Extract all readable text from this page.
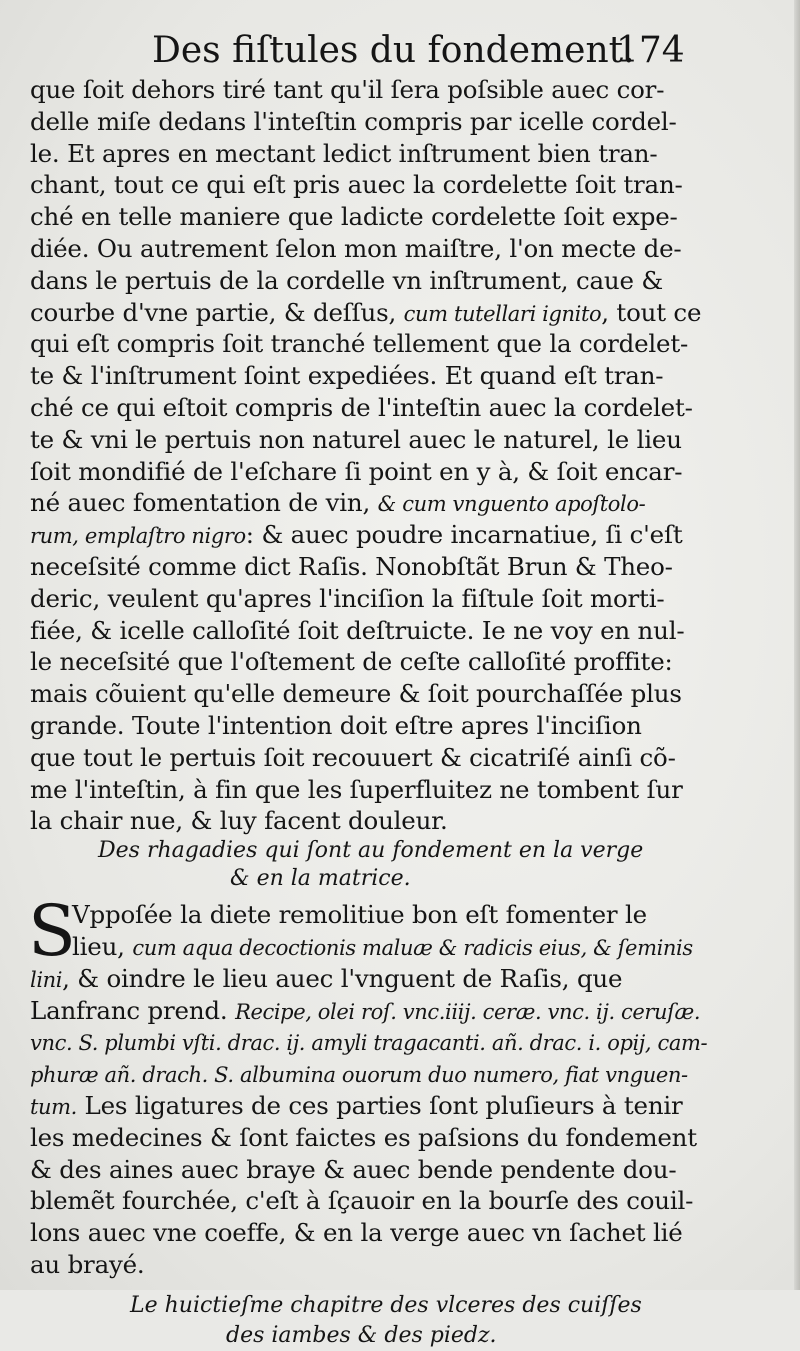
Des fiſtules du fondement.
174
que ſoit dehors tiré tant qu'il ſera poſsible auec cor-
delle miſe dedans l'inteſtin compris par icelle cordel-
le. Et apres en mectant ledict inſtrument bien tran-
chant, tout ce qui eſt pris auec la cordelette ſoit tran-
ché en telle maniere que ladicte cordelette ſoit expe-
diée. Ou autrement ſelon mon maiſtre, l'on mecte de-
dans le pertuis de la cordelle vn inſtrument, caue &
courbe d'vne partie, & deſſus, cum tutellari ignito, tout ce
qui eſt compris ſoit tranché tellement que la cordelet-
te & l'inſtrument ſoint expediées. Et quand eſt tran-
ché ce qui eſtoit compris de l'inteſtin auec la cordelet-
te & vni le pertuis non naturel auec le naturel, le lieu
ſoit mondifié de l'eſchare ſi point en y à, & ſoit encar-
né auec fomentation de vin, & cum vnguento apoſtolo-
rum, emplaſtro nigro: & auec poudre incarnatiue, ſi c'eſt
neceſsité comme dict Raſis. Nonobſtãt Brun & Theo-
deric, veulent qu'apres l'inciſion la fiſtule ſoit morti-
fiée, & icelle calloſité ſoit deſtruicte. Ie ne voy en nul-
le neceſsité que l'oſtement de ceſte calloſité proffite:
mais cõuient qu'elle demeure & ſoit pourchaſſée plus
grande. Toute l'intention doit eſtre apres l'inciſion
que tout le pertuis ſoit recouuert & cicatriſé ainſi cõ-
me l'inteſtin, à fin que les ſuperfluitez ne tombent ſur
la chair nue, & luy facent douleur.
Des rhagadies qui ſont au fondement en la verge
& en la matrice.
S
Vppoſée la diete remolitiue bon eſt fomenter le
lieu, cum aqua decoctionis maluæ & radicis eius, & ſeminis
lini, & oindre le lieu auec l'vnguent de Raſis, que
Lanfranc prend. Recipe, olei roſ. vnc.iiij. ceræ. vnc. ij. ceruſæ.
vnc. S. plumbi vſti. drac. ij. amyli tragacanti. añ. drac. i. opij, cam-
phuræ añ. drach. S. albumina ouorum duo numero, fiat vnguen-
tum. Les ligatures de ces parties ſont pluſieurs à tenir
les medecines & ſont faictes es paſsions du fondement
& des aines auec braye & auec bende pendente dou-
blemẽt fourchée, c'eſt à ſçauoir en la bourſe des couil-
lons auec vne coeffe, & en la verge auec vn ſachet lié
au brayé.
Le huictieſme chapitre des vlceres des cuiſſes
des iambes & des piedz.
